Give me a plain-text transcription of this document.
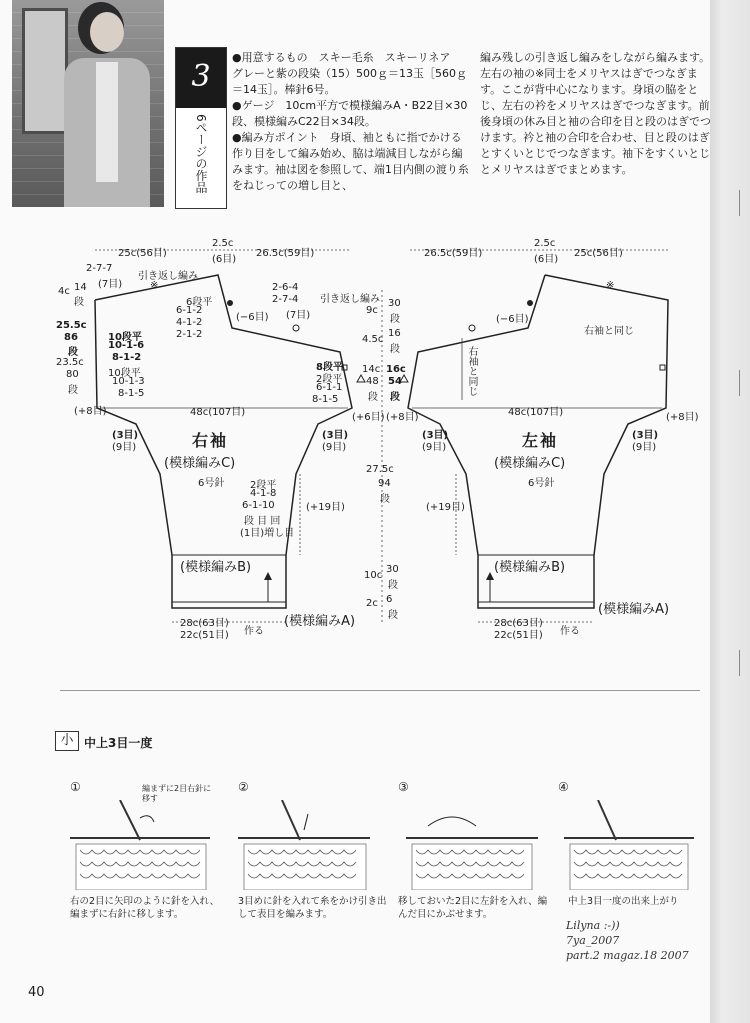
3
6ページの作品
●用意するもの　スキー毛糸　スキーリネア　グレーと紫の段染（15）500ｇ＝13玉［560ｇ＝14玉］。棒針6号。
●ゲージ　10cm平方で模様編みA・B22目×30段、模様編みC22目×34段。
●編み方ポイント　身頃、袖ともに指でかける作り目をして編み始め、脇は端減目しながら編みます。袖は図を参照して、端1目内側の渡り糸をねじっての増し目と、
編み残しの引き返し編みをしながら編みます。左右の袖の※同士をメリヤスはぎでつなぎます。ここが背中心になります。身頃の脇をとじ、左右の衿をメリヤスはぎでつなぎます。前後身頃の休み目と袖の合印を目と段のはぎでつけます。衿と袖の合印を合わせ、目と段のはぎとすくいとじでつなぎます。袖下をすくいとじとメリヤスはぎでまとめます。
25c(56目)
2.5c
(6目)
26.5c(59目)
2-7-7
(7目)
引き返し編み
※	2-6-4
2-7-4
(7目)
引き返し編み
4c 14
段
25.5c
86
段
23.5c
80
段
(+8目)
6段平
6-1-2
4-1-2
2-1-2
(−6目)
10段平
10-1-6
8-1-2
10段平
10-1-3
8-1-5
8段平
2段平
6-1-1
8-1-5
48c(107目)	(+6目)
(3目)
(9目)
(3目)
(9目)
右袖
(模様編みC)
6号針	2段平
4-1-8
6-1-10
段 目 回
(1目)増し目
(+19目)
(模様編みB)
(模様編みA)
28c(63目)
22c(51目) 作る
9c
30
段
4.5c
16
段
14c 16c
48 54
段 段
(+8目)
27.5c
94
段
10c
30
段
2c 6
段
26.5c(59目)
2.5c
(6目)
25c(56目)
※
(−6目)
右袖と同じ
右袖と同じ
48c(107目)	(+8目)
(3目)
(9目)
(3目)
(9目)
左袖
(模様編みC)
6号針
(+19目)
(模様編みB)
(模様編みA)
28c(63目)
22c(51目) 作る
小 中上3目一度
①	編まずに2目右針に移す
右の2目に矢印のように針を入れ、編まずに右針に移します。
②
3目めに針を入れて糸をかけ引き出して表目を編みます。
③
移しておいた2目に左針を入れ、編んだ目にかぶせます。
④
中上3目一度の出来上がり
Lilyna :-))
7ya_2007
part.2 magaz.18 2007
40
